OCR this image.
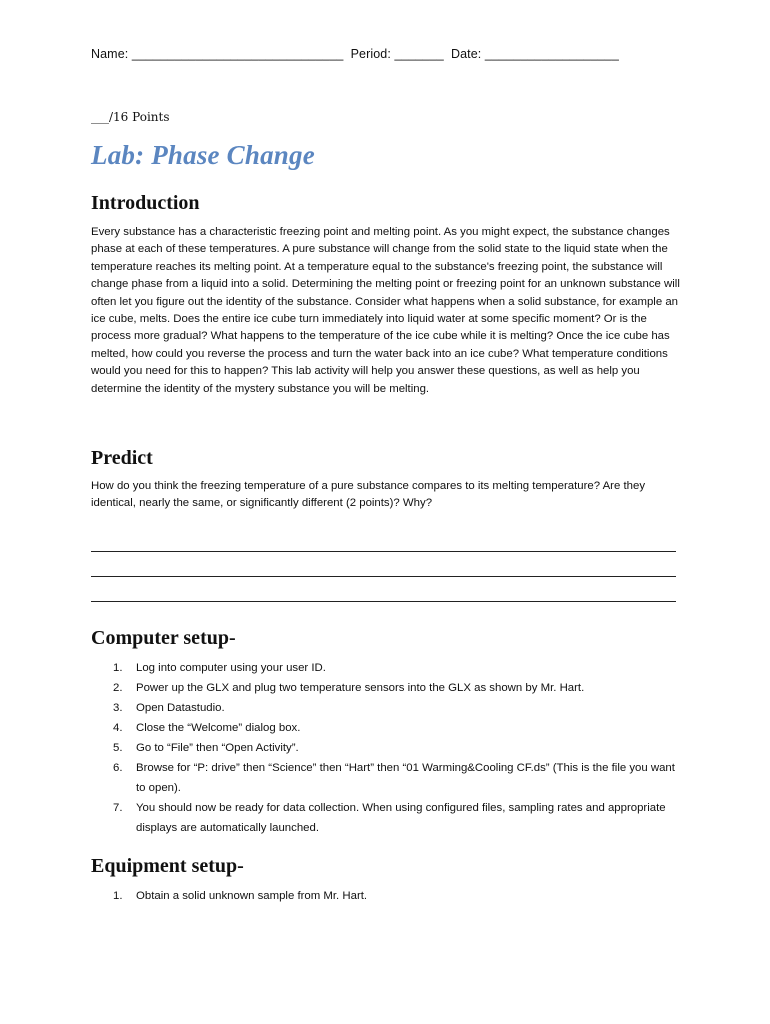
Name: ______________________________  Period: _______  Date: ___________________
___/16 Points
Lab: Phase Change
Introduction

Every substance has a characteristic freezing point and melting point. As you might expect, the substance changes phase at each of these temperatures. A pure substance will change from the solid state to the liquid state when the temperature reaches its melting point. At a temperature equal to the substance's freezing point, the substance will change phase from a liquid into a solid. Determining the melting point or freezing point for an unknown substance will often let you figure out the identity of the substance. Consider what happens when a solid substance, for example an ice cube, melts. Does the entire ice cube turn immediately into liquid water at some specific moment? Or is the process more gradual? What happens to the temperature of the ice cube while it is melting? Once the ice cube has melted, how could you reverse the process and turn the water back into an ice cube? What temperature conditions would you need for this to happen? This lab activity will help you answer these questions, as well as help you determine the identity of the mystery substance you will be melting.

Predict

How do you think the freezing temperature of a pure substance compares to its melting temperature? Are they identical, nearly the same, or significantly different (2 points)? Why?

Computer setup-
1. Log into computer using your user ID.
2. Power up the GLX and plug two temperature sensors into the GLX as shown by Mr. Hart.
3. Open Datastudio.
4. Close the “Welcome” dialog box.
5. Go to “File” then “Open Activity”.
6. Browse for “P: drive” then “Science” then “Hart” then “01 Warming&Cooling CF.ds” (This is the file you want to open).
7. You should now be ready for data collection. When using configured files, sampling rates and appropriate displays are automatically launched.
Equipment setup-
1. Obtain a solid unknown sample from Mr. Hart.
